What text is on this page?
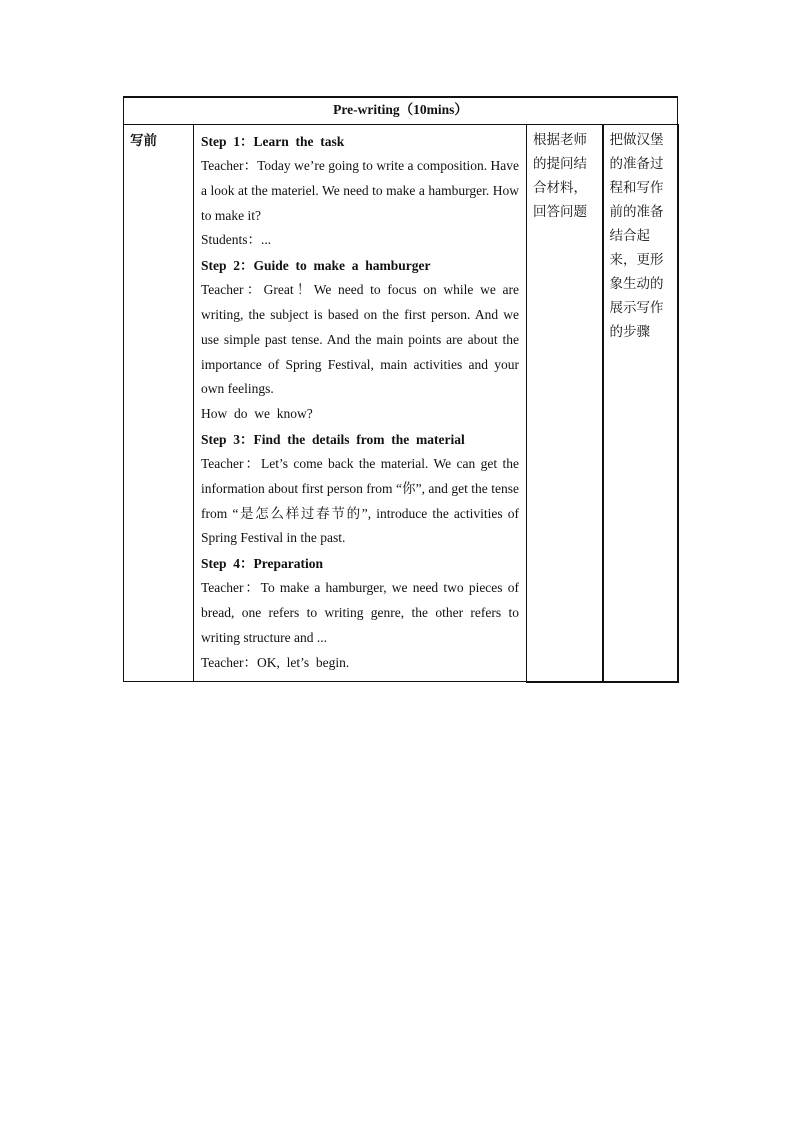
Pre-writing（10mins）
写前	Step  1：Learn  the  task
Teacher：Today we’re going to write a composition. Have a look at the materiel. We need to make a hamburger. How to make it?
Students：...
Step  2：Guide  to  make  a  hamburger
Teacher：Great！We need to focus on while we are writing, the subject is based on the first person. And we use simple past tense. And the main points are about the importance of Spring Festival, main activities and your own feelings.
How  do  we  know?
Step  3：Find  the  details  from  the  material
Teacher：Let’s come back the material. We can get the information about first person from “你”, and get the tense from “是怎么样过春节的”, introduce the activities of Spring Festival in the past.
Step  4：Preparation
Teacher：To make a hamburger, we need two pieces of bread, one refers to writing genre, the other refers to writing structure and ...
Teacher：OK,  let’s  begin.
	根据老师的提问结合材料，回答问题	把做汉堡的准备过程和写作前的准备结合起来，更形象生动的展示写作的步骤
